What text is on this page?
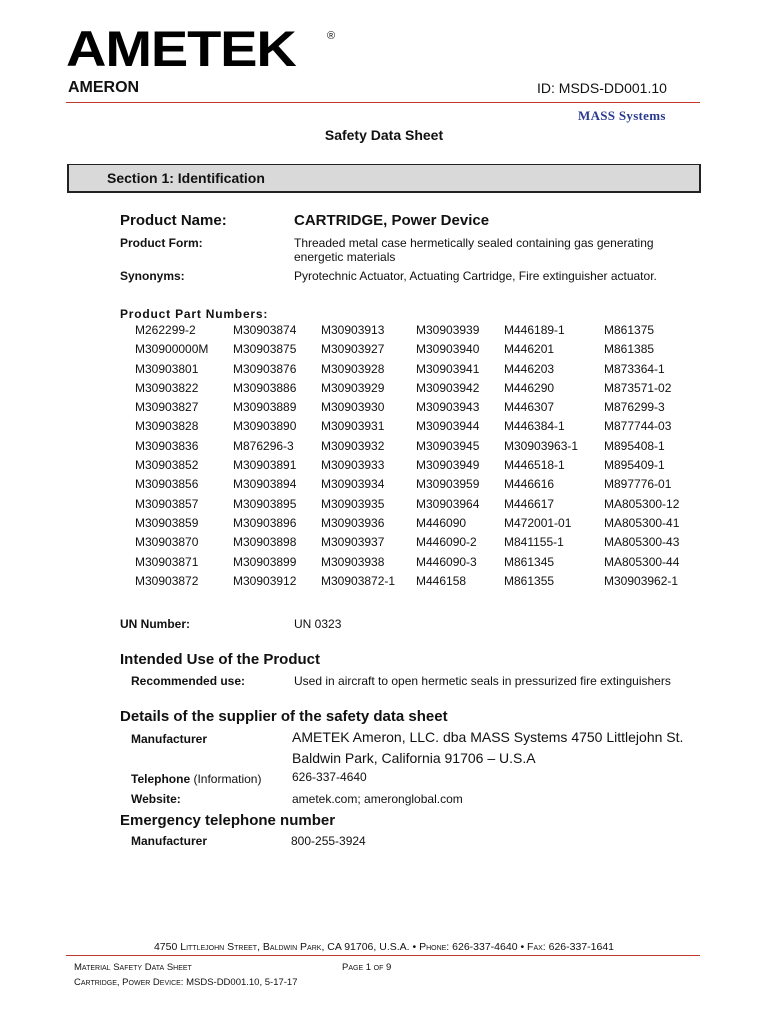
AMETEK	®
AMERON	ID: MSDS-DD001.10
MASS Systems
Safety Data Sheet
Section 1: Identification
Product Name:	CARTRIDGE, Power Device
Product Form:	Threaded metal case hermetically sealed containing gas generating
energetic materials
Synonyms:	Pyrotechnic Actuator, Actuating Cartridge, Fire extinguisher actuator.
Product Part Numbers:
M262299-2	M30903874	M30903913	M30903939	M446189-1	M861375
M30900000M	M30903875	M30903927	M30903940	M446201	M861385
M30903801	M30903876	M30903928	M30903941	M446203	M873364-1
M30903822	M30903886	M30903929	M30903942	M446290	M873571-02
M30903827	M30903889	M30903930	M30903943	M446307	M876299-3
M30903828	M30903890	M30903931	M30903944	M446384-1	M877744-03
M30903836	M876296-3	M30903932	M30903945	M30903963-1	M895408-1
M30903852	M30903891	M30903933	M30903949	M446518-1	M895409-1
M30903856	M30903894	M30903934	M30903959	M446616	M897776-01
M30903857	M30903895	M30903935	M30903964	M446617	MA805300-12
M30903859	M30903896	M30903936	M446090	M472001-01	MA805300-41
M30903870	M30903898	M30903937	M446090-2	M841155-1	MA805300-43
M30903871	M30903899	M30903938	M446090-3	M861345	MA805300-44
M30903872	M30903912	M30903872-1	M446158	M861355	M30903962-1
UN Number:	UN 0323
Intended Use of the Product
Recommended use:	Used in aircraft to open hermetic seals in pressurized fire extinguishers
Details of the supplier of the safety data sheet
Manufacturer	AMETEK Ameron, LLC. dba MASS Systems 4750 Littlejohn St.
Baldwin Park, California 91706 – U.S.A
Telephone (Information)	626-337-4640
Website:	ametek.com; ameronglobal.com
Emergency telephone number
Manufacturer	800-255-3924
4750 Littlejohn Street, Baldwin Park, CA 91706, U.S.A. • Phone: 626-337-4640 • Fax: 626-337-1641
Material Safety Data Sheet	Page 1 of 9
Cartridge, Power Device: MSDS-DD001.10, 5-17-17
